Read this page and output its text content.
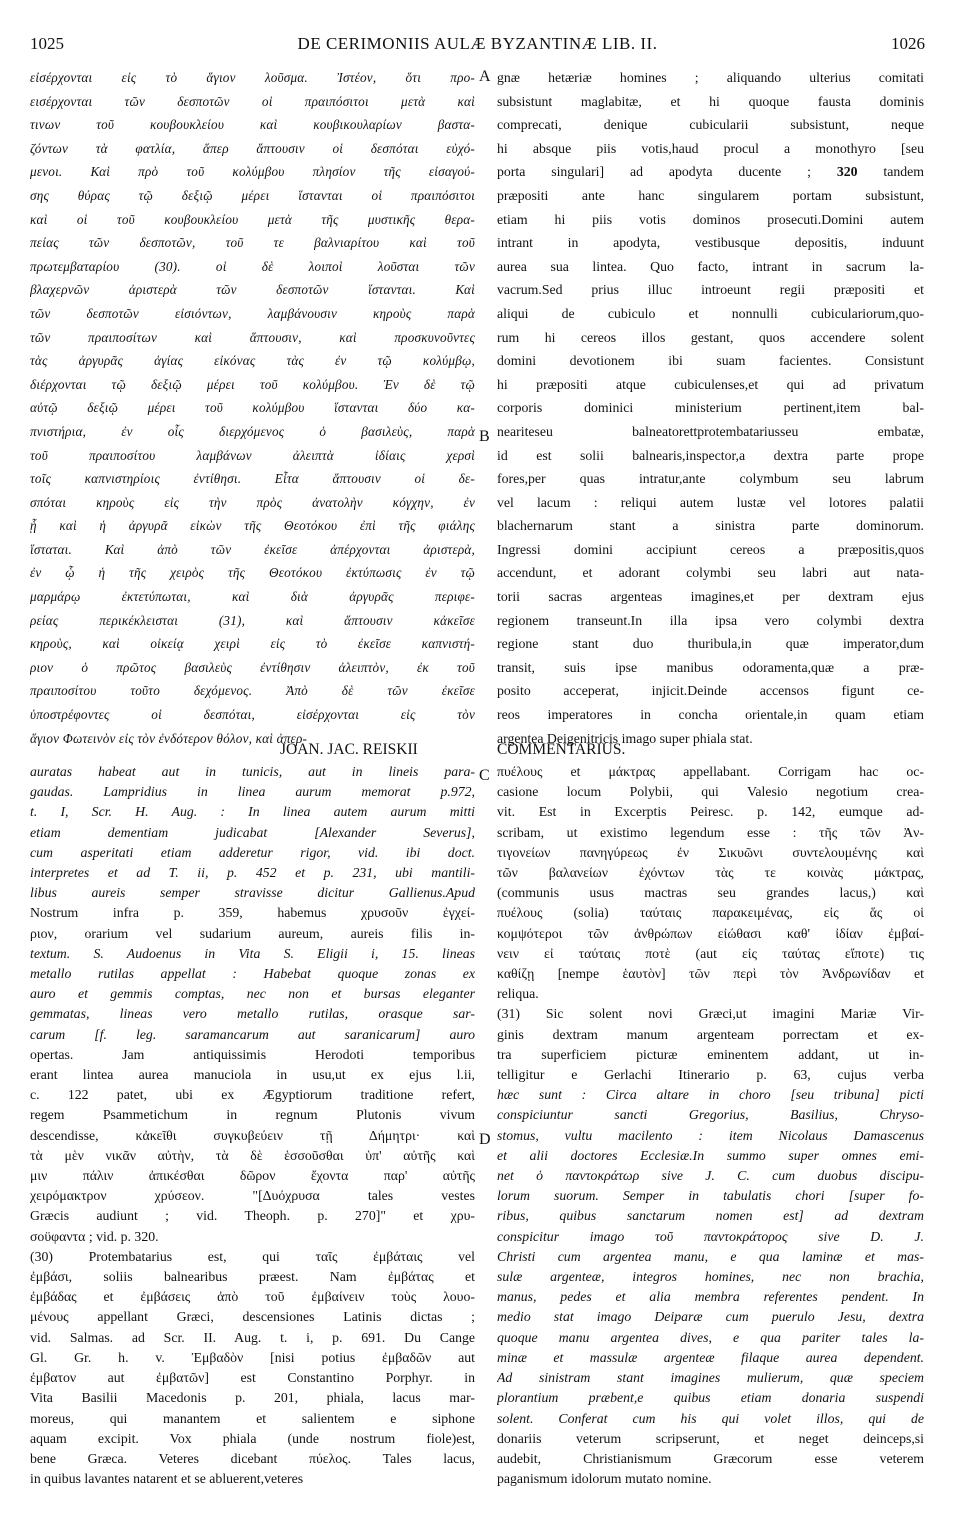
1025	DE CERIMONIIS AULÆ BYZANTINÆ LIB. II.	1026
εἰσέρχονται εἰς τὸ ἅγιον λοῦσμα. Ἰστέον, ὅτι προ-
εισέρχονται τῶν δεσποτῶν οἱ πραιπόσιτοι μετὰ καὶ
τινων τοῦ κουβουκλείου καὶ κουβικουλαρίων βαστα-
ζόντων τὰ φατλία, ἅπερ ἅπτουσιν οἱ δεσπόται εὐχό-
μενοι. Καὶ πρὸ τοῦ κολύμβου πλησίον τῆς εἰσαγού-
σης θύρας τῷ δεξιῷ μέρει ἵστανται οἱ πραιπόσιτοι
καὶ οἱ τοῦ κουβουκλείου μετὰ τῆς μυστικῆς θερα-
πείας τῶν δεσποτῶν, τοῦ τε βαλνιαρίτου καὶ τοῦ
πρωτεμβαταρίου (30). οἱ δὲ λοιποὶ λοῦσται τῶν
βλαχερνῶν ἀριστερὰ τῶν δεσποτῶν ἵστανται. Καὶ
τῶν δεσποτῶν εἰσιόντων, λαμβάνουσιν κηροὺς παρὰ
τῶν πραιποσίτων καὶ ἅπτουσιν, καὶ προσκυνοῦντες
τὰς ἀργυρᾶς ἁγίας εἰκόνας τὰς ἐν τῷ κολύμβῳ,
διέρχονται τῷ δεξιῷ μέρει τοῦ κολύμβου. Ἐν δὲ τῷ
αὐτῷ δεξιῷ μέρει τοῦ κολύμβου ἵστανται δύο κα-
πνιστήρια, ἐν οἷς διερχόμενος ὁ βασιλεὺς, παρὰ
τοῦ πραιποσίτου λαμβάνων ἀλειπτὰ ἰδίαις χερσὶ
τοῖς καπνιστηρίοις ἐντίθησι. Εἶτα ἅπτουσιν οἱ δε-
σπόται κηροὺς εἰς τὴν πρὸς ἀνατολὴν κόγχην, ἐν
ᾗ καὶ ἡ ἀργυρᾶ εἰκὼν τῆς Θεοτόκου ἐπὶ τῆς φιάλης
ἵσταται. Καὶ ἀπὸ τῶν ἐκεῖσε ἀπέρχονται ἀριστερὰ,
ἐν ᾧ ἡ τῆς χειρὸς τῆς Θεοτόκου ἐκτύπωσις ἐν τῷ
μαρμάρῳ ἐκτετύπωται, καὶ διὰ ἀργυρᾶς περιφε-
ρείας περικέκλεισται (31), καὶ ἅπτουσιν κἀκεῖσε
κηροὺς, καὶ οἰκείᾳ χειρὶ εἰς τὸ ἐκεῖσε καπνιστή-
ριον ὁ πρῶτος βασιλεὺς ἐντίθησιν ἀλειπτὸν, ἐκ τοῦ
πραιποσίτου τοῦτο δεχόμενος. Ἀπὸ δὲ τῶν ἐκεῖσε
ὑποστρέφοντες οἱ δεσπόται, εἰσέρχονται εἰς τὸν
ἅγιον Φωτεινὸν εἰς τὸν ἐνδότερον θόλον, καὶ ἀπερ-
gnæ hetæriæ homines ; aliquando ulterius comitati
subsistunt maglabitæ, et hi quoque fausta dominis
comprecati, denique cubicularii subsistunt, neque
hi absque piis votis,haud procul a monothyro [seu
porta singulari] ad apodyta ducente ; 320 tandem
præpositi ante hanc singularem portam subsistunt,
etiam hi piis votis dominos prosecuti.Domini autem
intrant in apodyta, vestibusque depositis, induunt
aurea sua lintea. Quo facto, intrant in sacrum la-
vacrum.Sed prius illuc introeunt regii præpositi et
aliqui de cubiculo et nonnulli cubiculariorum,quo-
rum hi cereos illos gestant, quos accendere solent
domini devotionem ibi suam facientes. Consistunt
hi præpositi atque cubiculenses,et qui ad privatum
corporis dominici ministerium pertinent,item bal-
neariteseu balneatorettprotembatariusseu embatæ,
id est solii balnearis,inspector,a dextra parte prope
fores,per quas intratur,ante colymbum seu labrum
vel lacum : reliqui autem lustæ vel lotores palatii
blachernarum stant a sinistra parte dominorum.
Ingressi domini accipiunt cereos a præpositis,quos
accendunt, et adorant colymbi seu labri aut nata-
torii sacras argenteas imagines,et per dextram ejus
regionem transeunt.In illa ipsa vero colymbi dextra
regione stant duo thuribula,in quæ imperator,dum
transit, suis ipse manibus odoramenta,quæ a præ-
posito acceperat, injicit.Deinde accensos figunt ce-
reos imperatores in concha orientale,in quam etiam
argentea Deigenitricis imago super phiala stat.
A
B
C
D
JOAN. JAC. REISKII	COMMENTARIUS.
auratas habeat aut in tunicis, aut in lineis para-
gaudas. Lampridius in linea aurum memorat p.972,
t. I, Scr. H. Aug. : In linea autem aurum mitti
etiam dementiam judicabat [Alexander Severus],
cum asperitati etiam adderetur rigor, vid. ibi doct.
interpretes et ad T. ii, p. 452 et p. 231, ubi mantili-
libus aureis semper stravisse dicitur Gallienus.Apud
Nostrum infra p. 359, habemus χρυσοῦν ἐγχεί-
ριον, orarium vel sudarium aureum, aureis filis in-
textum. S. Audoenus in Vita S. Eligii i, 15. lineas
metallo rutilas appellat : Habebat quoque zonas ex
auro et gemmis comptas, nec non et bursas eleganter
gemmatas, lineas vero metallo rutilas, orasque sar-
carum [f. leg. saramancarum aut saranicarum] auro
opertas. Jam antiquissimis Herodoti temporibus
erant lintea aurea manuciola in usu,ut ex ejus l.ii,
c. 122 patet, ubi ex Ægyptiorum traditione refert,
regem Psammetichum in regnum Plutonis vivum
descendisse, κἀκεῖθι συγκυβεύειν τῇ Δήμητρι· καὶ
τὰ μὲν νικᾶν αὐτὴν, τὰ δὲ ἑσσοῦσθαι ὑπ' αὐτῆς καὶ
μιν πάλιν ἀπικέσθαι δῶρον ἔχοντα παρ' αὐτῆς
χειρόμακτρον χρύσεον. "[Δυόχρυσα tales vestes
Græcis audiunt ; vid. Theoph. p. 270]" et χρυ-
σοϋφαντα ; vid. p. 320.
(30) Protembatarius est, qui ταῖς ἐμβάταις vel
ἐμβάσι, soliis balnearibus præest. Nam ἐμβάτας et
ἐμβάδας et ἐμβάσεις ἀπὸ τοῦ ἐμβαίνειν τοὺς λουο-
μένους appellant Græci, descensiones Latinis dictas ;
vid. Salmas. ad Scr. II. Aug. t. i, p. 691. Du Cange
Gl. Gr. h. v. Ἐμβαδὸν [nisi potius ἐμβαδῶν aut
ἐμβατον aut ἐμβατῶν] est Constantino Porphyr. in
Vita Basilii Macedonis p. 201, phiala, lacus mar-
moreus, qui manantem et salientem e siphone
aquam excipit. Vox phiala (unde nostrum fiole)est,
bene Græca. Veteres dicebant πύελος. Tales lacus,
in quibus lavantes natarent et se abluerent,veteres
πυέλους et μάκτρας appellabant. Corrigam hac oc-
casione locum Polybii, qui Valesio negotium crea-
vit. Est in Excerptis Peiresc. p. 142, eumque ad-
scribam, ut existimo legendum esse : τῆς τῶν Ἀν-
τιγονείων πανηγύρεως ἐν Σικυῶνι συντελουμένης καὶ
τῶν βαλανείων ἐχόντων τὰς τε κοινὰς μάκτρας,
(communis usus mactras seu grandes lacus,) καὶ
πυέλους (solia) ταύταις παρακειμένας, εἰς ἅς οἱ
κομψότεροι τῶν ἀνθρώπων εἰώθασι καθ' ἰδίαν ἐμβαί-
νειν εἰ ταύταις ποτὲ (aut εἰς ταύτας εἴποτε) τις
καθίζῃ [nempe ἑαυτὸν] τῶν περὶ τὸν Ἀνδρωνίδαν et
reliqua.
(31) Sic solent novi Græci,ut imagini Mariæ Vir-
ginis dextram manum argenteam porrectam et ex-
tra superficiem picturæ eminentem addant, ut in-
telligitur e Gerlachi Itinerario p. 63, cujus verba
hæc sunt : Circa altare in choro [seu tribuna] picti
conspiciuntur sancti Gregorius, Basilius, Chryso-
stomus, vultu macilento : item Nicolaus Damascenus
et alii doctores Ecclesiæ.In summo super omnes emi-
net ὁ παντοκράτωρ sive J. C. cum duobus discipu-
lorum suorum. Semper in tabulatis chori [super fo-
ribus, quibus sanctarum nomen est] ad dextram
conspicitur imago τοῦ παντοκράτορος sive D. J.
Christi cum argentea manu, e qua laminæ et mas-
sulæ argenteæ, integros homines, nec non brachia,
manus, pedes et alia membra referentes pendent. In
medio stat imago Deiparæ cum puerulo Jesu, dextra
quoque manu argentea dives, e qua pariter tales la-
minæ et massulæ argenteæ filaque aurea dependent.
Ad sinistram stant imagines mulierum, quæ speciem
plorantium præbent,e quibus etiam donaria suspendi
solent. Conferat cum his qui volet illos, qui de
donariis veterum scripserunt, et neget deinceps,si
audebit, Christianismum Græcorum esse veterem
paganismum idolorum mutato nomine.
